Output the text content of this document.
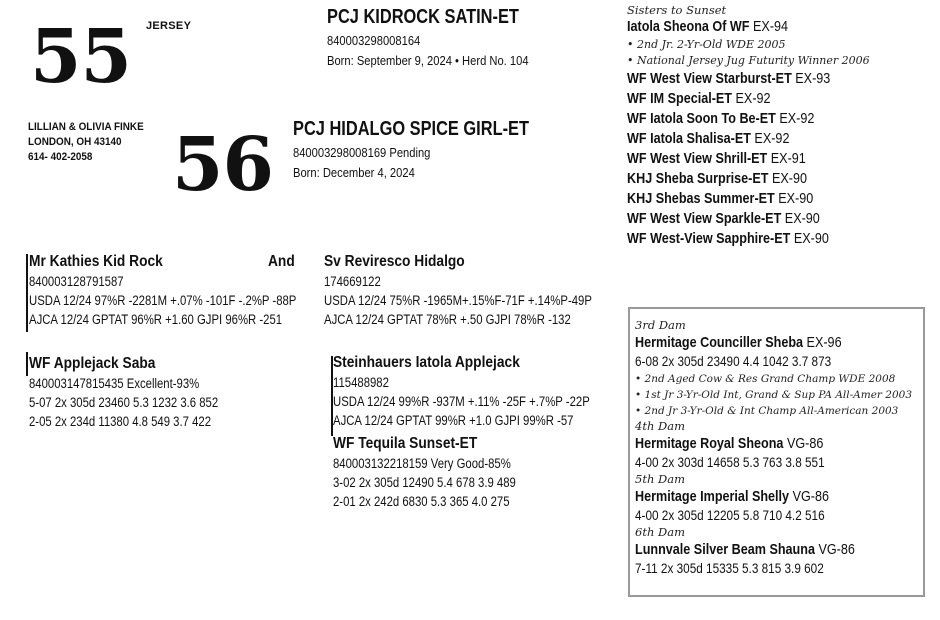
55 JERSEY	PCJ KIDROCK SATIN-ET
840003298008164
Born: September 9, 2024 • Herd No. 104
LILLIAN & OLIVIA FINKE
LONDON, OH 43140
614- 402-2058	56 PCJ HIDALGO SPICE GIRL-ET
840003298008169 Pending
Born: December 4, 2024
Mr Kathies Kid Rock
840003128791587
USDA 12/24 97%R -2281M +.07% -101F -.2%P -88P
AJCA 12/24 GPTAT 96%R +1.60 GJPI 96%R -251
And Sv Reviresco Hidalgo
174669122
USDA 12/24 75%R -1965M+.15%F-71F +.14%P-49P
AJCA 12/24 GPTAT 78%R +.50 GJPI 78%R -132
WF Applejack Saba
840003147815435 Excellent-93%
5-07 2x 305d 23460 5.3 1232 3.6 852
2-05 2x 234d 11380 4.8 549 3.7 422
Steinhauers Iatola Applejack
115488982
USDA 12/24 99%R -937M +.11% -25F +.7%P -22P
AJCA 12/24 GPTAT 99%R +1.0 GJPI 99%R -57
WF Tequila Sunset-ET
840003132218159 Very Good-85%
3-02 2x 305d 12490 5.4 678 3.9 489
2-01 2x 242d 6830 5.3 365 4.0 275
Sisters to Sunset
Iatola Sheona Of WF EX-94
• 2nd Jr. 2-Yr-Old WDE 2005
• National Jersey Jug Futurity Winner 2006
WF West View Starburst-ET EX-93
WF IM Special-ET EX-92
WF Iatola Soon To Be-ET EX-92
WF Iatola Shalisa-ET EX-92
WF West View Shrill-ET EX-91
KHJ Sheba Surprise-ET EX-90
KHJ Shebas Summer-ET EX-90
WF West View Sparkle-ET EX-90
WF West-View Sapphire-ET EX-90
3rd Dam
Hermitage Counciller Sheba EX-96
6-08 2x 305d 23490 4.4 1042 3.7 873
• 2nd Aged Cow & Res Grand Champ WDE 2008
• 1st Jr 3-Yr-Old Int, Grand & Sup PA All-Amer 2003
• 2nd Jr 3-Yr-Old & Int Champ All-American 2003
4th Dam
Hermitage Royal Sheona VG-86
4-00 2x 303d 14658 5.3 763 3.8 551
5th Dam
Hermitage Imperial Shelly VG-86
4-00 2x 305d 12205 5.8 710 4.2 516
6th Dam
Lunnvale Silver Beam Shauna VG-86
7-11 2x 305d 15335 5.3 815 3.9 602
